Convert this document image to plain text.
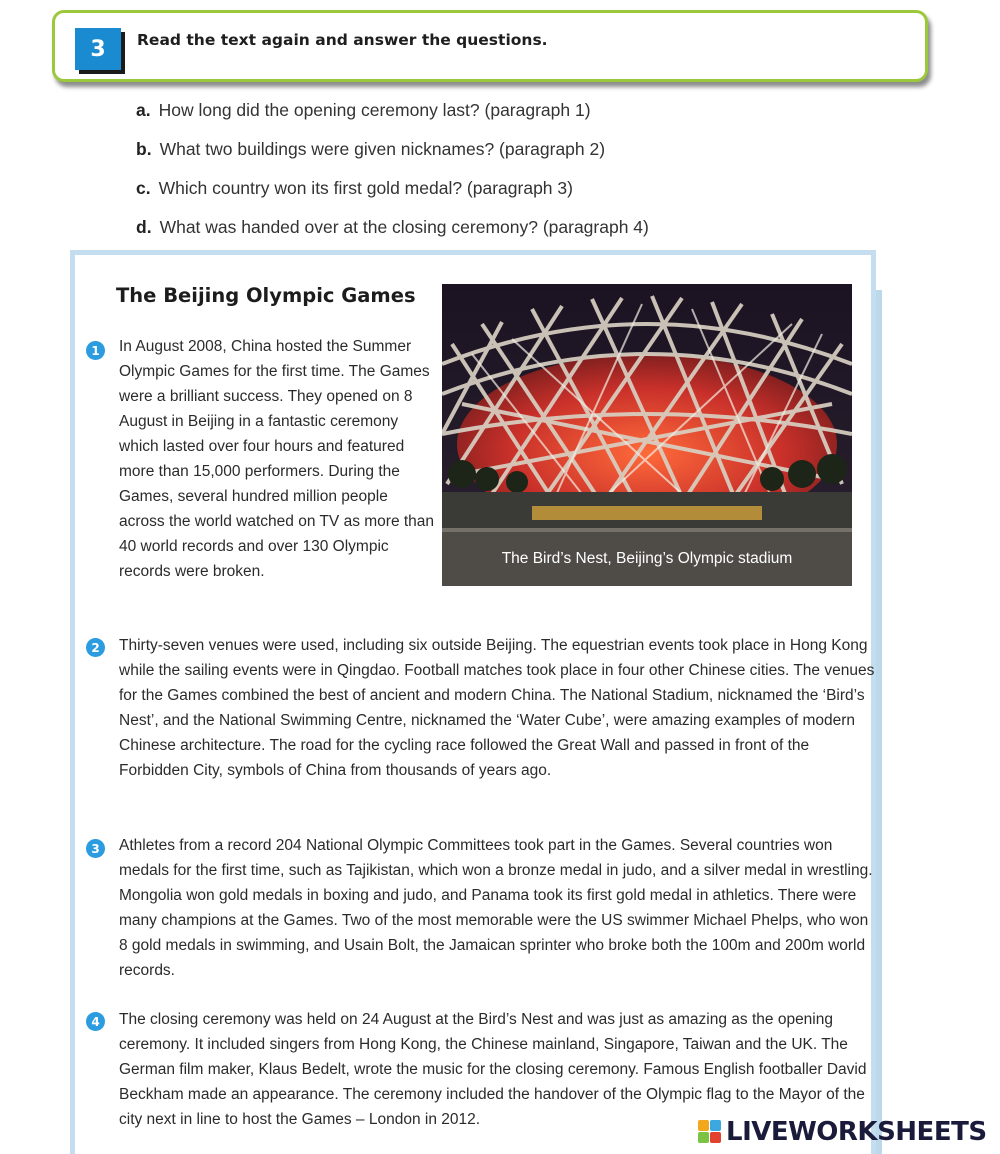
3	Read the text again and answer the questions.
a. How long did the opening ceremony last? (paragraph 1)
b. What two buildings were given nicknames? (paragraph 2)
c. Which country won its first gold medal? (paragraph 3)
d. What was handed over at the closing ceremony? (paragraph 4)
The Beijing Olympic Games
The Bird’s Nest, Beijing’s Olympic stadium
1
2
3
4

In August 2008, China hosted the Summer Olympic Games for the first time. The Games were a brilliant success. They opened on 8 August in Beijing in a fantastic ceremony which lasted over four hours and featured more than 15,000 performers. During the Games, several hundred million people across the world watched on TV as more than 40 world records and over 130 Olympic records were broken.

Thirty-seven venues were used, including six outside Beijing. The equestrian events took place in Hong Kong while the sailing events were in Qingdao. Football matches took place in four other Chinese cities. The venues for the Games combined the best of ancient and modern China. The National Stadium, nicknamed the ‘Bird’s Nest’, and the National Swimming Centre, nicknamed the ‘Water Cube’, were amazing examples of modern Chinese architecture. The road for the cycling race followed the Great Wall and passed in front of the Forbidden City, symbols of China from thousands of years ago.

Athletes from a record 204 National Olympic Committees took part in the Games. Several countries won medals for the first time, such as Tajikistan, which won a bronze medal in judo, and a silver medal in wrestling. Mongolia won gold medals in boxing and judo, and Panama took its first gold medal in athletics. There were many champions at the Games. Two of the most memorable were the US swimmer Michael Phelps, who won 8 gold medals in swimming, and Usain Bolt, the Jamaican sprinter who broke both the 100m and 200m world records.

The closing ceremony was held on 24 August at the Bird’s Nest and was just as amazing as the opening ceremony. It included singers from Hong Kong, the Chinese mainland, Singapore, Taiwan and the UK. The German film maker, Klaus Bedelt, wrote the music for the closing ceremony. Famous English footballer David Beckham made an appearance. The ceremony included the handover of the Olympic flag to the Mayor of the city next in line to host the Games – London in 2012.	LIVEWORKSHEETS
